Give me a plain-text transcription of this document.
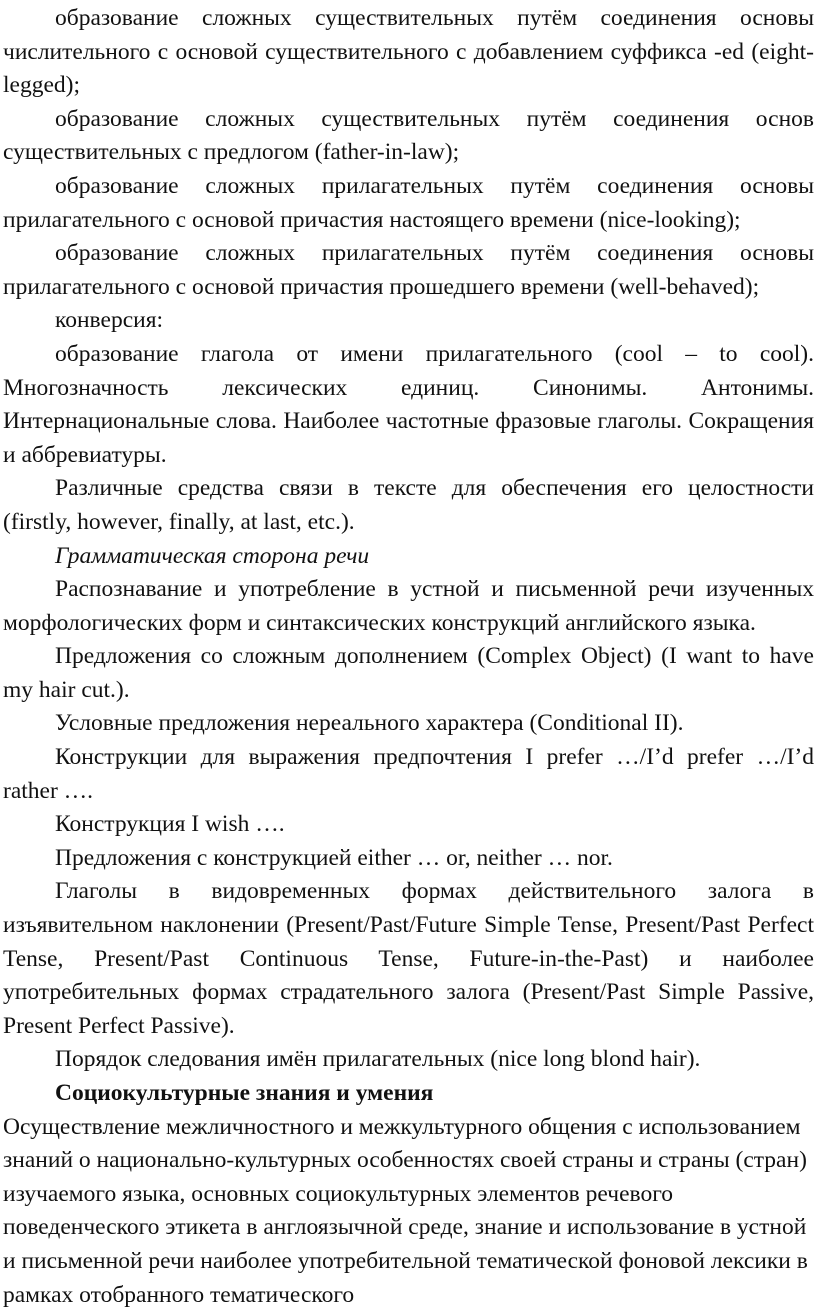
образование сложных существительных путём соединения основы числительного с основой существительного с добавлением суффикса -ed (eight-legged);

образование сложных существительных путём соединения основ существительных с предлогом (father-in-law);

образование сложных прилагательных путём соединения основы прилагательного с основой причастия настоящего времени (nice-looking);

образование сложных прилагательных путём соединения основы прилагательного с основой причастия прошедшего времени (well-behaved);

конверсия:

образование глагола от имени прилагательного (cool – to cool). Многозначность лексических единиц. Синонимы. Антонимы. Интернациональные слова. Наиболее частотные фразовые глаголы. Сокращения и аббревиатуры.

Различные средства связи в тексте для обеспечения его целостности (firstly, however, finally, at last, etc.).

Грамматическая сторона речи

Распознавание и употребление в устной и письменной речи изученных морфологических форм и синтаксических конструкций английского языка.

Предложения со сложным дополнением (Complex Object) (I want to have my hair cut.).

Условные предложения нереального характера (Conditional II).

Конструкции для выражения предпочтения I prefer …/I’d prefer …/I’d rather ….

Конструкция I wish ….

Предложения с конструкцией either … or, neither … nor.

Глаголы в видовременных формах действительного залога в изъявительном наклонении (Present/Past/Future Simple Tense, Present/Past Perfect Tense, Present/Past Continuous Tense, Future-in-the-Past) и наиболее употребительных формах страдательного залога (Present/Past Simple Passive, Present Perfect Passive).

Порядок следования имён прилагательных (nice long blond hair).

Социокультурные знания и умения

Осуществление межличностного и межкультурного общения с использованием знаний о национально-культурных особенностях своей страны и страны (стран) изучаемого языка, основных социокультурных элементов речевого поведенческого этикета в англоязычной среде, знание и использование в устной и письменной речи наиболее употребительной тематической фоновой лексики в рамках отобранного тематического
